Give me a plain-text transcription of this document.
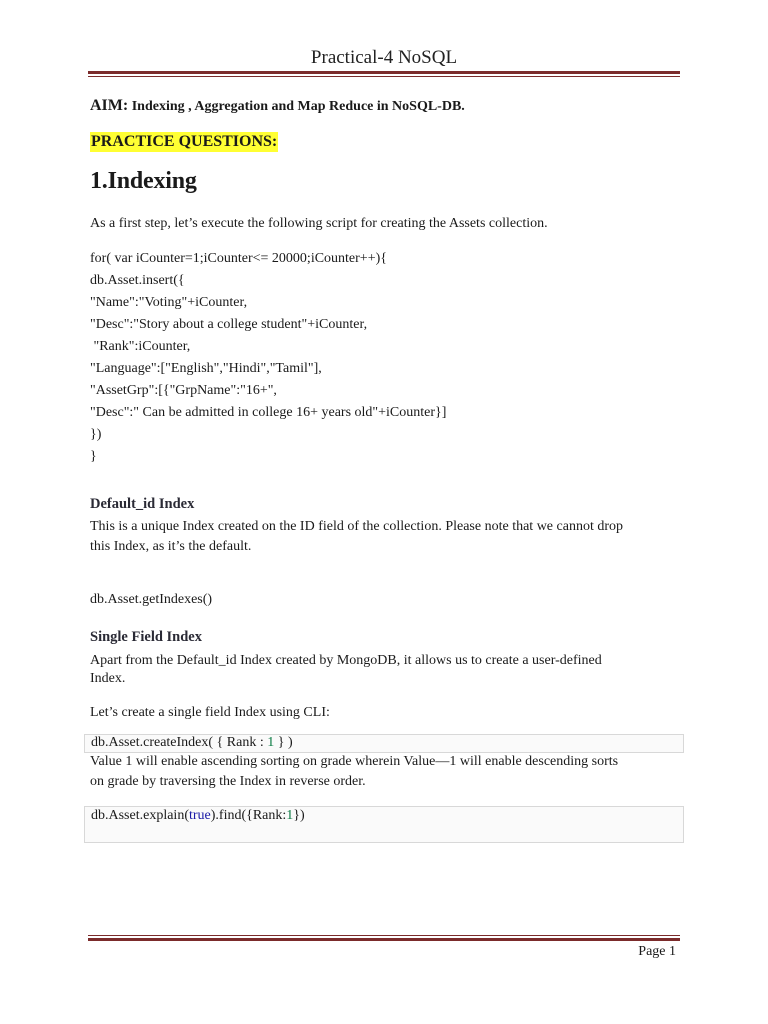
Practical-4 NoSQL
AIM: Indexing , Aggregation and Map Reduce in NoSQL-DB.
PRACTICE QUESTIONS:
1.Indexing
As a first step, let’s execute the following script for creating the Assets collection.
for( var iCounter=1;iCounter<= 20000;iCounter++){
db.Asset.insert({
"Name":"Voting"+iCounter,
"Desc":"Story about a college student"+iCounter,
"Rank":iCounter,
"Language":["English","Hindi","Tamil"],
"AssetGrp":[{"GrpName":"16+",
"Desc":" Can be admitted in college 16+ years old"+iCounter}]
})
}
Default_id Index
This is a unique Index created on the ID field of the collection. Please note that we cannot drop
this Index, as it’s the default.
db.Asset.getIndexes()
Single Field Index
Apart from the Default_id Index created by MongoDB, it allows us to create a user-defined
Index.
Let’s create a single field Index using CLI:
db.Asset.createIndex( { Rank : 1 } )
Value 1 will enable ascending sorting on grade wherein Value—1 will enable descending sorts
on grade by traversing the Index in reverse order.
db.Asset.explain(true).find({Rank:1})
Page 1
